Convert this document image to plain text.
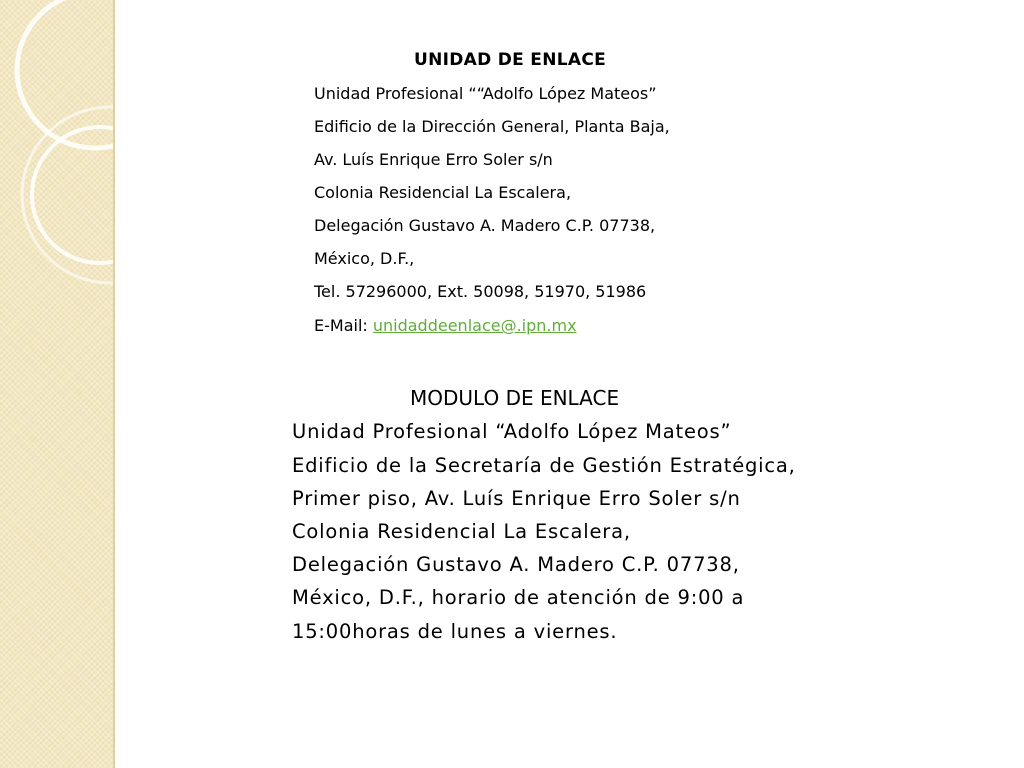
UNIDAD DE ENLACE
Unidad Profesional ““Adolfo López Mateos”
Edificio de la Dirección General, Planta Baja,
Av. Luís Enrique Erro Soler s/n
Colonia Residencial La Escalera,
Delegación Gustavo A. Madero C.P. 07738,
México, D.F.,
Tel. 57296000, Ext. 50098, 51970, 51986
E-Mail: unidaddeenlace@.ipn.mx
MODULO DE ENLACE
Unidad Profesional “Adolfo López Mateos”
Edificio de la Secretaría de Gestión Estratégica,
Primer piso, Av. Luís Enrique Erro Soler s/n
Colonia Residencial La Escalera,
Delegación Gustavo A. Madero C.P. 07738,
México, D.F., horario de atención de 9:00 a
15:00horas de lunes a viernes.
